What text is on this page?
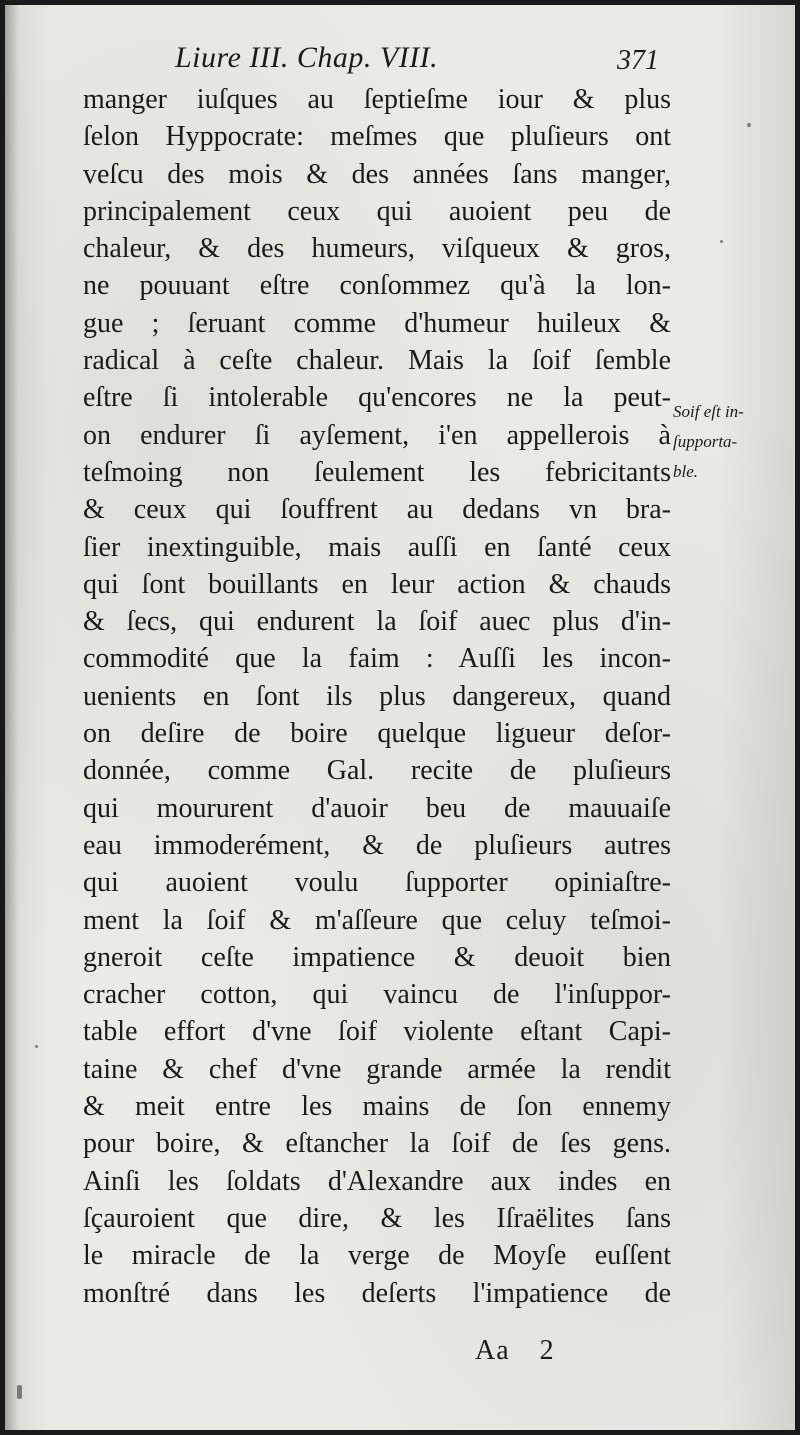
Liure III. Chap. VIII.	371
manger iuſques au ſeptieſme iour & plus
ſelon Hyppocrate: meſmes que pluſieurs ont
veſcu des mois & des années ſans manger,
principalement ceux qui auoient peu de
chaleur, & des humeurs, viſqueux & gros,
ne pouuant eſtre conſommez qu'à la lon-
gue ; ſeruant comme d'humeur huileux &
radical à ceſte chaleur. Mais la ſoif ſemble
eſtre ſi intolerable qu'encores ne la peut-
on endurer ſi ayſement, i'en appellerois à
teſmoing non ſeulement les febricitants
& ceux qui ſouffrent au dedans vn bra-
ſier inextinguible, mais auſſi en ſanté ceux
qui ſont bouillants en leur action & chauds
& ſecs, qui endurent la ſoif auec plus d'in-
commodité que la faim : Auſſi les incon-
uenients en ſont ils plus dangereux, quand
on deſire de boire quelque ligueur deſor-
donnée, comme Gal. recite de pluſieurs
qui moururent d'auoir beu de mauuaiſe
eau immoderément, & de pluſieurs autres
qui auoient voulu ſupporter opiniaſtre-
ment la ſoif & m'aſſeure que celuy teſmoi-
gneroit ceſte impatience & deuoit bien
cracher cotton, qui vaincu de l'inſuppor-
table effort d'vne ſoif violente eſtant Capi-
taine & chef d'vne grande armée la rendit
& meit entre les mains de ſon ennemy
pour boire, & eſtancher la ſoif de ſes gens.
Ainſi les ſoldats d'Alexandre aux indes en
ſçauroient que dire, & les Iſraëlites ſans
le miracle de la verge de Moyſe euſſent
monſtré dans les deſerts l'impatience de
Soif eſt in-
ſupporta-
ble.
Aa 2
